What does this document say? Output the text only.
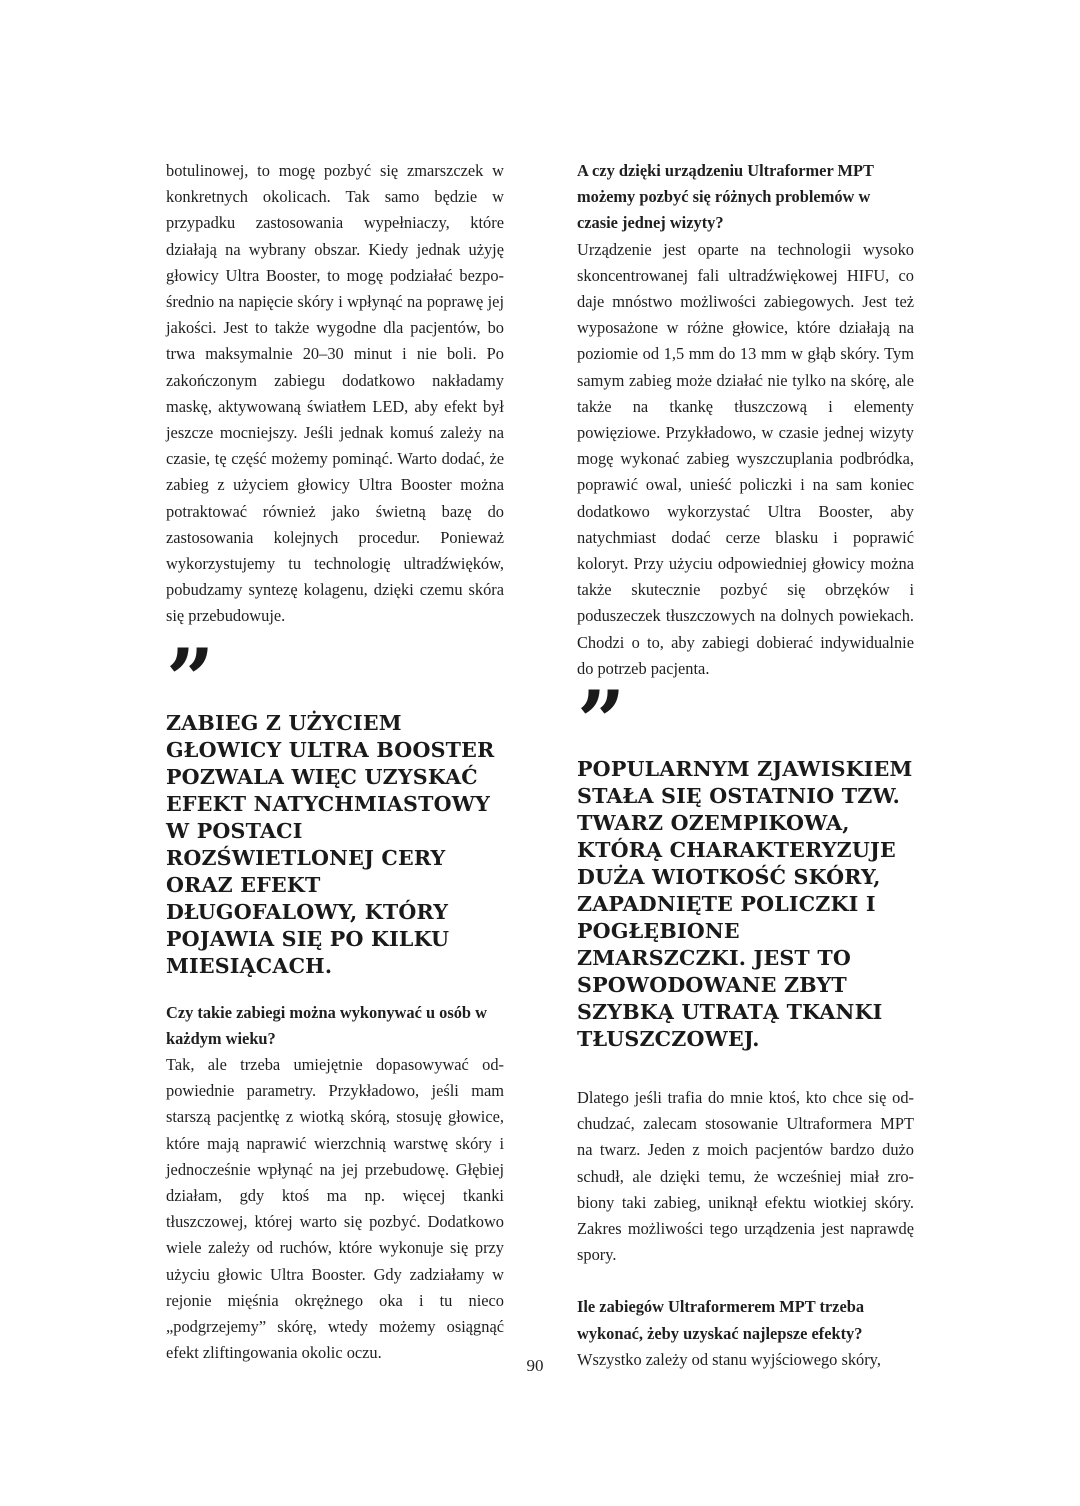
botulinowej, to mogę pozbyć się zmarszczek w konkretnych okolicach. Tak samo będzie w przypadku zastosowania wypełniaczy, które działają na wybrany obszar. Kiedy jednak użyję głowicy Ultra Booster, to mogę podziałać bezpośrednio na napięcie skóry i wpłynąć na poprawę jej jakości. Jest to także wygodne dla pacjentów, bo trwa maksymalnie 20–30 minut i nie boli. Po zakończonym zabiegu dodatkowo nakładamy maskę, aktywowaną światłem LED, aby efekt był jeszcze mocniejszy. Jeśli jednak komuś zależy na czasie, tę część możemy pominąć. Warto dodać, że zabieg z użyciem głowicy Ultra Booster można potraktować również jako świetną bazę do zastosowania kolejnych procedur. Ponieważ wykorzystujemy tu technologię ultradźwięków, pobudzamy syntezę kolagenu, dzięki czemu skóra się przebudowuje.

”

ZABIEG Z UŻYCIEM GŁOWICY ULTRA BOOSTER POZWALA WIĘC UZYSKAĆ EFEKT NATYCHMIASTOWY W POSTACI ROZŚWIETLONEJ CERY ORAZ EFEKT DŁUGOFALOWY, KTÓRY POJAWIA SIĘ PO KILKU MIESIĄCACH.

Czy takie zabiegi można wykonywać u osób w każdym wieku?

Tak, ale trzeba umiejętnie dopasowywać odpowiednie parametry. Przykładowo, jeśli mam starszą pacjentkę z wiotką skórą, stosuję głowice, które mają naprawić wierzchnią warstwę skóry i jednocześnie wpłynąć na jej przebudowę. Głębiej działam, gdy ktoś ma np. więcej tkanki tłuszczowej, której warto się pozbyć. Dodatkowo wiele zależy od ruchów, które wykonuje się przy użyciu głowic Ultra Booster. Gdy zadziałamy w rejonie mięśnia okrężnego oka i tu nieco „podgrzejemy” skórę, wtedy możemy osiągnąć efekt zliftingowania okolic oczu.

A czy dzięki urządzeniu Ultraformer MPT możemy pozbyć się różnych problemów w czasie jednej wizyty?

Urządzenie jest oparte na technologii wysoko skoncentrowanej fali ultradźwiękowej HIFU, co daje mnóstwo możliwości zabiegowych. Jest też wyposażone w różne głowice, które działają na poziomie od 1,5 mm do 13 mm w głąb skóry. Tym samym zabieg może działać nie tylko na skórę, ale także na tkankę tłuszczową i elementy powięziowe. Przykładowo, w czasie jednej wizyty mogę wykonać zabieg wyszczuplania podbródka, poprawić owal, unieść policzki i na sam koniec dodatkowo wykorzystać Ultra Booster, aby natychmiast dodać cerze blasku i poprawić koloryt. Przy użyciu odpowiedniej głowicy można także skutecznie pozbyć się obrzęków i poduszeczek tłuszczowych na dolnych powiekach. Chodzi o to, aby zabiegi dobierać indywidualnie do potrzeb pacjenta.

”

POPULARNYM ZJAWISKIEM STAŁA SIĘ OSTATNIO TZW. TWARZ OZEMPIKOWA, KTÓRĄ CHARAKTERYZUJE DUŻA WIOTKOŚĆ SKÓRY, ZAPADNIĘTE POLICZKI I POGŁĘBIONE ZMARSZCZKI. JEST TO SPOWODOWANE ZBYT SZYBKĄ UTRATĄ TKANKI TŁUSZCZOWEJ.

Dlatego jeśli trafia do mnie ktoś, kto chce się odchudzać, zalecam stosowanie Ultraformera MPT na twarz. Jeden z moich pacjentów bardzo dużo schudł, ale dzięki temu, że wcześniej miał zrobiony taki zabieg, uniknął efektu wiotkiej skóry. Zakres możliwości tego urządzenia jest naprawdę spory.

Ile zabiegów Ultraformerem MPT trzeba wykonać, żeby uzyskać najlepsze efekty?

Wszystko zależy od stanu wyjściowego skóry,

90
